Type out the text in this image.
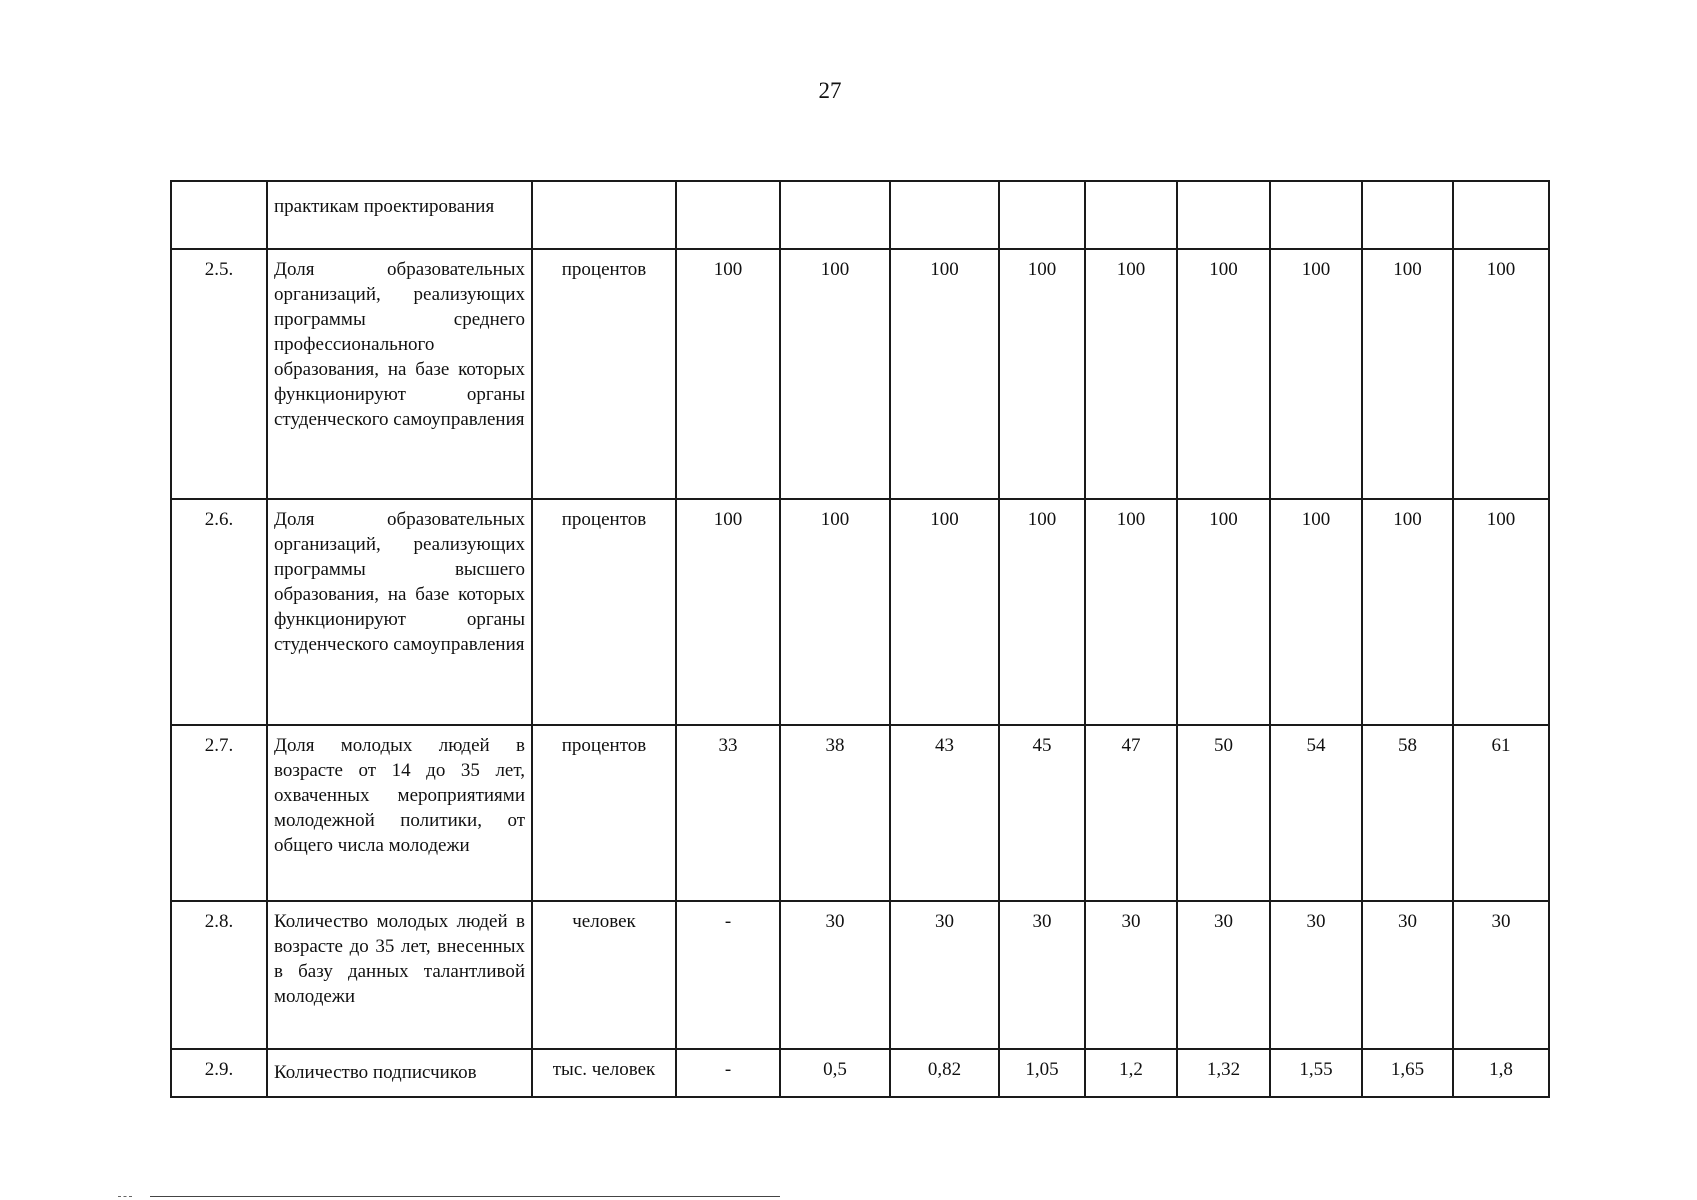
27
	практикам проектирования										
2.5.	Доля образовательных организаций, реализующих программы среднего профессионального образования, на базе которых функционируют органы студенческого самоуправления	процентов	100	100	100	100	100	100	100	100	100
2.6.	Доля образовательных организаций, реализующих программы высшего образования, на базе которых функционируют органы студенческого самоуправления	процентов	100	100	100	100	100	100	100	100	100
2.7.	Доля молодых людей в возрасте от 14 до 35 лет, охваченных мероприятиями молодежной политики, от общего числа молодежи	процентов	33	38	43	45	47	50	54	58	61
2.8.	Количество молодых людей в возрасте до 35 лет, внесенных в базу данных талантливой молодежи	человек	-	30	30	30	30	30	30	30	30
2.9.	Количество подписчиков	тыс. человек	-	0,5	0,82	1,05	1,2	1,32	1,55	1,65	1,8
